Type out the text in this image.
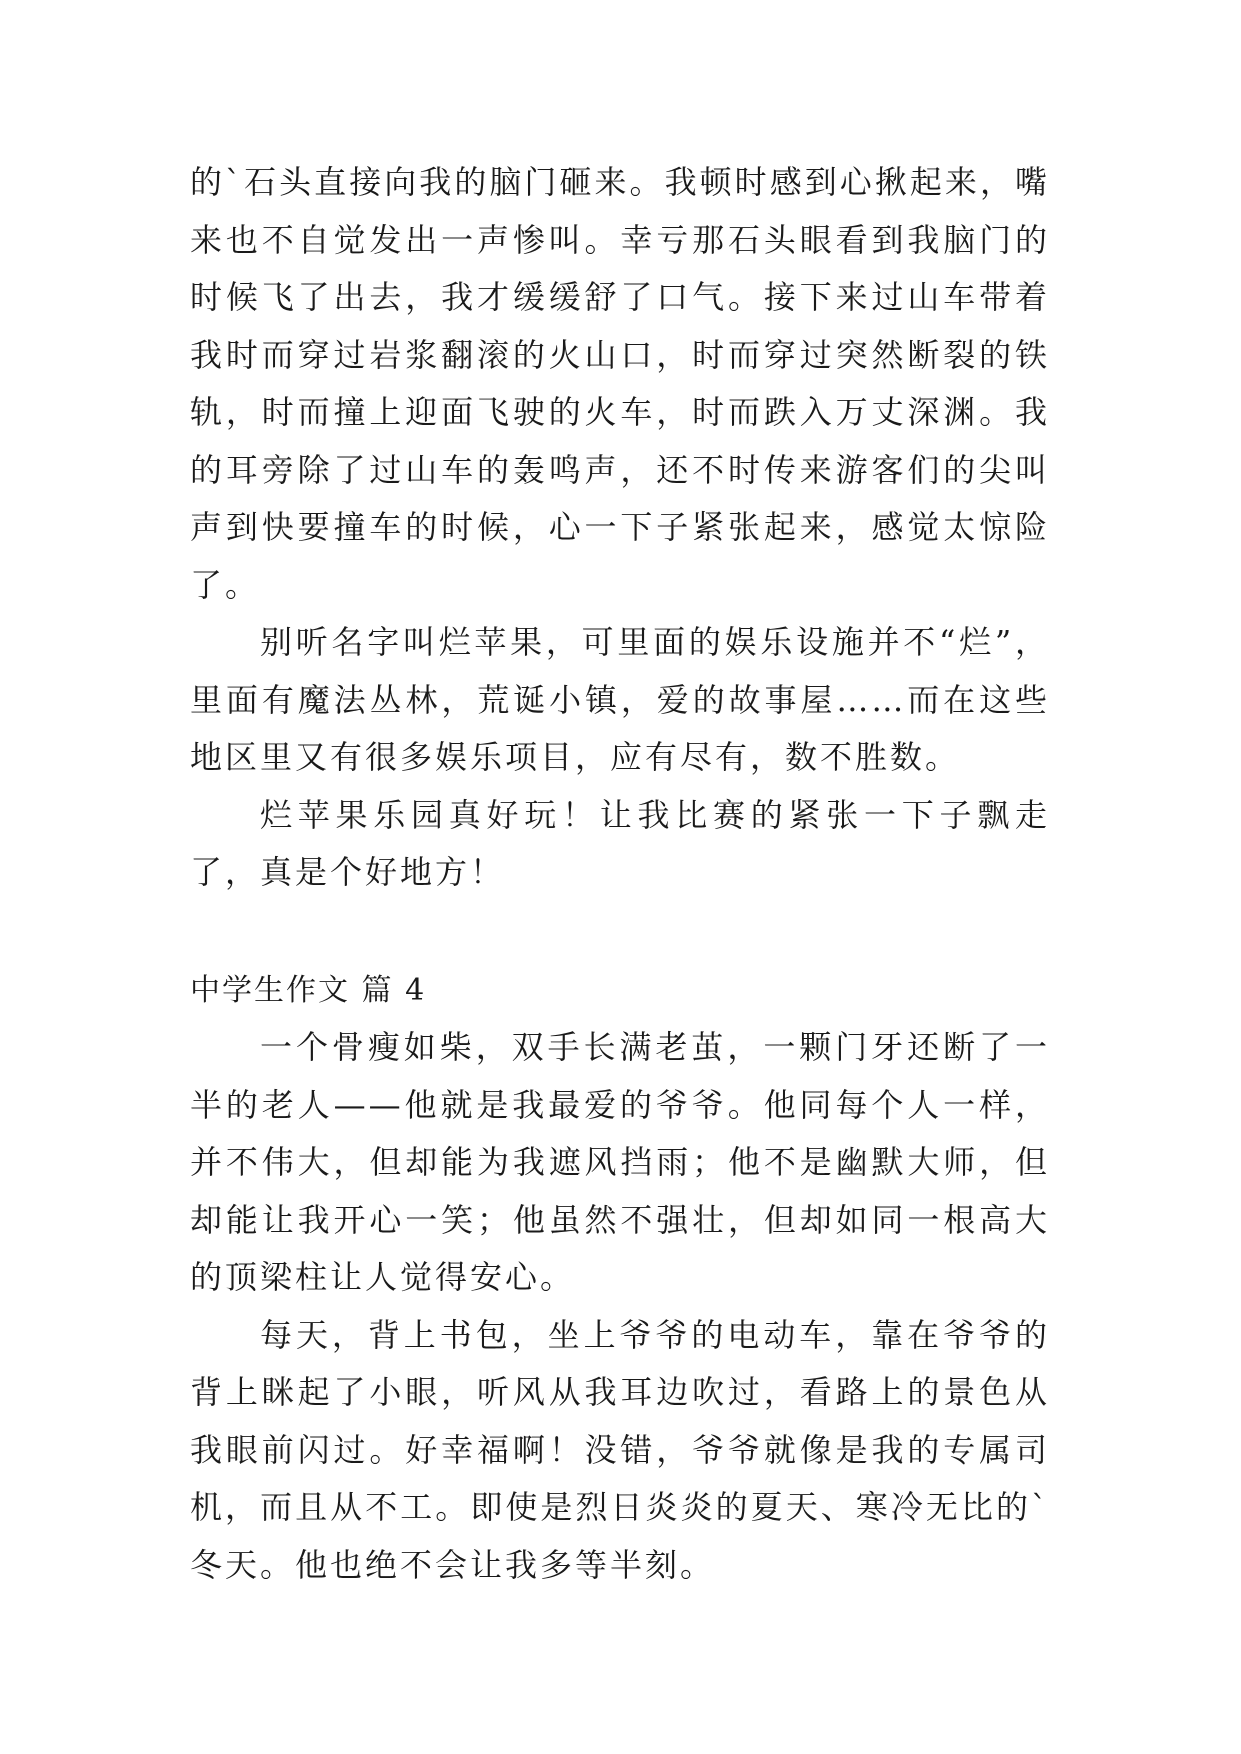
的`石头直接向我的脑门砸来。我顿时感到心揪起来，嘴来也不自觉发出一声惨叫。幸亏那石头眼看到我脑门的时候飞了出去，我才缓缓舒了口气。接下来过山车带着我时而穿过岩浆翻滚的火山口，时而穿过突然断裂的铁轨，时而撞上迎面飞驶的火车，时而跌入万丈深渊。我的耳旁除了过山车的轰鸣声，还不时传来游客们的尖叫声到快要撞车的时候，心一下子紧张起来，感觉太惊险了。

别听名字叫烂苹果，可里面的娱乐设施并不“烂”，里面有魔法丛林，荒诞小镇，爱的故事屋……而在这些地区里又有很多娱乐项目，应有尽有，数不胜数。

烂苹果乐园真好玩！让我比赛的紧张一下子飘走了，真是个好地方！

中学生作文 篇 4

一个骨瘦如柴，双手长满老茧，一颗门牙还断了一半的老人——他就是我最爱的爷爷。他同每个人一样，并不伟大，但却能为我遮风挡雨；他不是幽默大师，但却能让我开心一笑；他虽然不强壮，但却如同一根高大的顶梁柱让人觉得安心。

每天，背上书包，坐上爷爷的电动车，靠在爷爷的背上眯起了小眼，听风从我耳边吹过，看路上的景色从我眼前闪过。好幸福啊！没错，爷爷就像是我的专属司机，而且从不工。即使是烈日炎炎的夏天、寒冷无比的`冬天。他也绝不会让我多等半刻。
